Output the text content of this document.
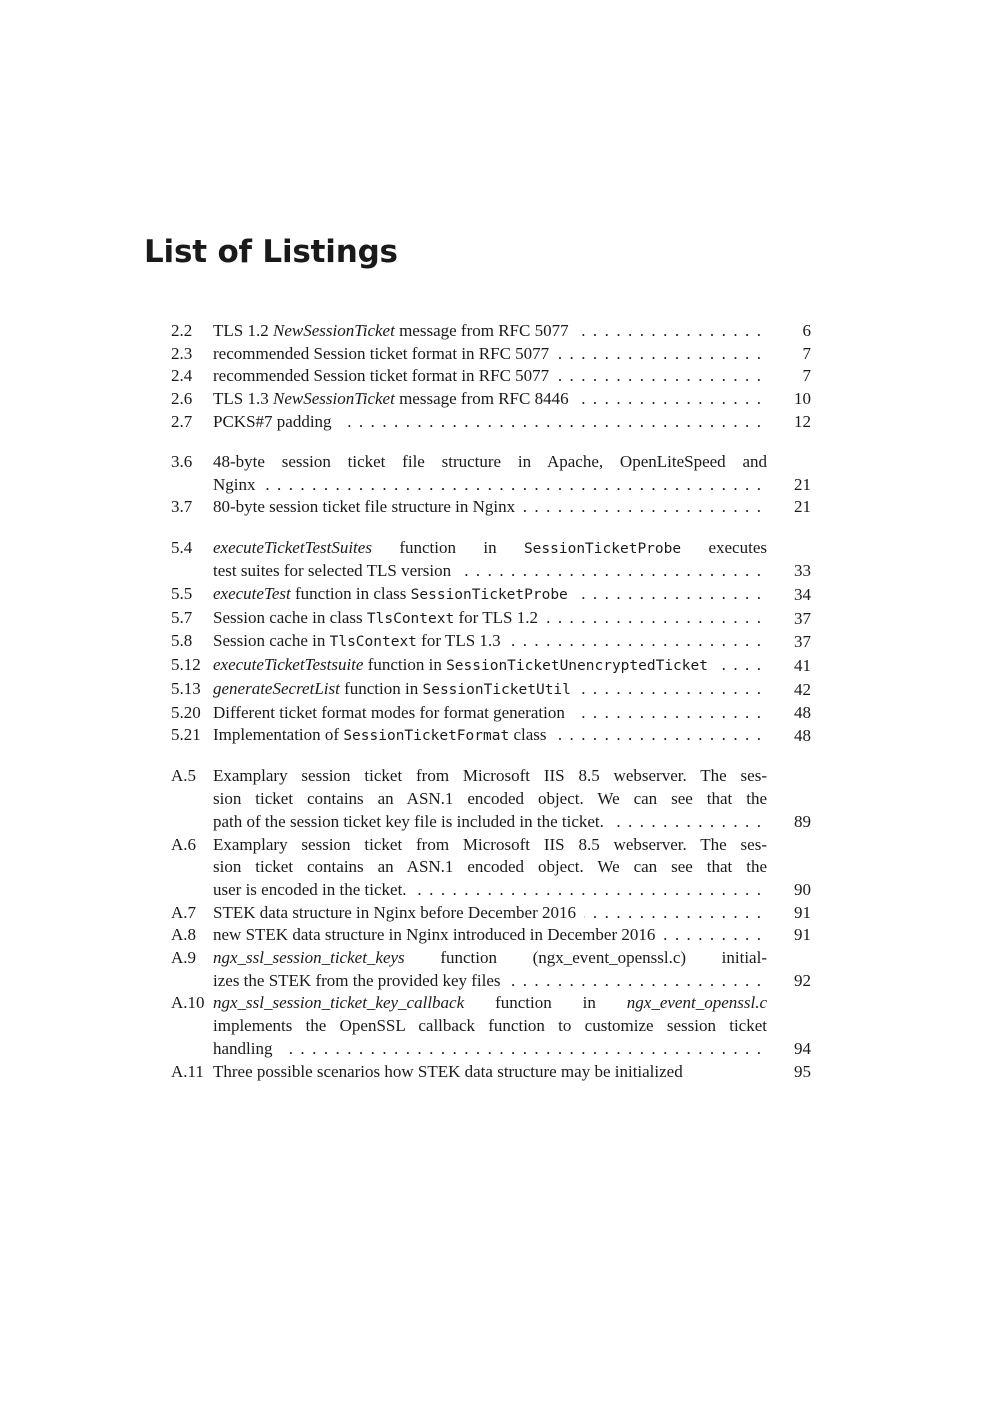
List of Listings
2.2 TLS 1.2 NewSessionTicket message from RFC 5077 . . .	6
2.3 recommended Session ticket format in RFC 5077 . . .	7
2.4 recommended Session ticket format in RFC 5077 . . .	7
2.6 TLS 1.3 NewSessionTicket message from RFC 8446 . . .	10
2.7 PCKS#7 padding . . .	12
3.6 48-byte session ticket file structure in Apache, OpenLiteSpeed and
Nginx . . .	21
3.7 80-byte session ticket file structure in Nginx . . .	21
5.4 executeTicketTestSuites function in SessionTicketProbe executes
test suites for selected TLS version . . .	33
5.5 executeTest function in class SessionTicketProbe . . .	34
5.7 Session cache in class TlsContext for TLS 1.2 . . .	37
5.8 Session cache in TlsContext for TLS 1.3 . . .	37
5.12 executeTicketTestsuite function in SessionTicketUnencryptedTicket . . .	41
5.13 generateSecretList function in SessionTicketUtil . . .	42
5.20 Different ticket format modes for format generation . . .	48
5.21 Implementation of SessionTicketFormat class . . .	48
A.5 Examplary session ticket from Microsoft IIS 8.5 webserver. The ses-
sion ticket contains an ASN.1 encoded object. We can see that the
path of the session ticket key file is included in the ticket. . . .	89
A.6 Examplary session ticket from Microsoft IIS 8.5 webserver. The ses-
sion ticket contains an ASN.1 encoded object. We can see that the
user is encoded in the ticket. . . .	90
A.7 STEK data structure in Nginx before December 2016 . . .	91
A.8 new STEK data structure in Nginx introduced in December 2016 . . .	91
A.9 ngx_ssl_session_ticket_keys function (ngx_event_openssl.c) initial-
izes the STEK from the provided key files . . .	92
A.10 ngx_ssl_session_ticket_key_callback function in ngx_event_openssl.c
implements the OpenSSL callback function to customize session ticket
handling . . .	94
A.11 Three possible scenarios how STEK data structure may be initialized	95
